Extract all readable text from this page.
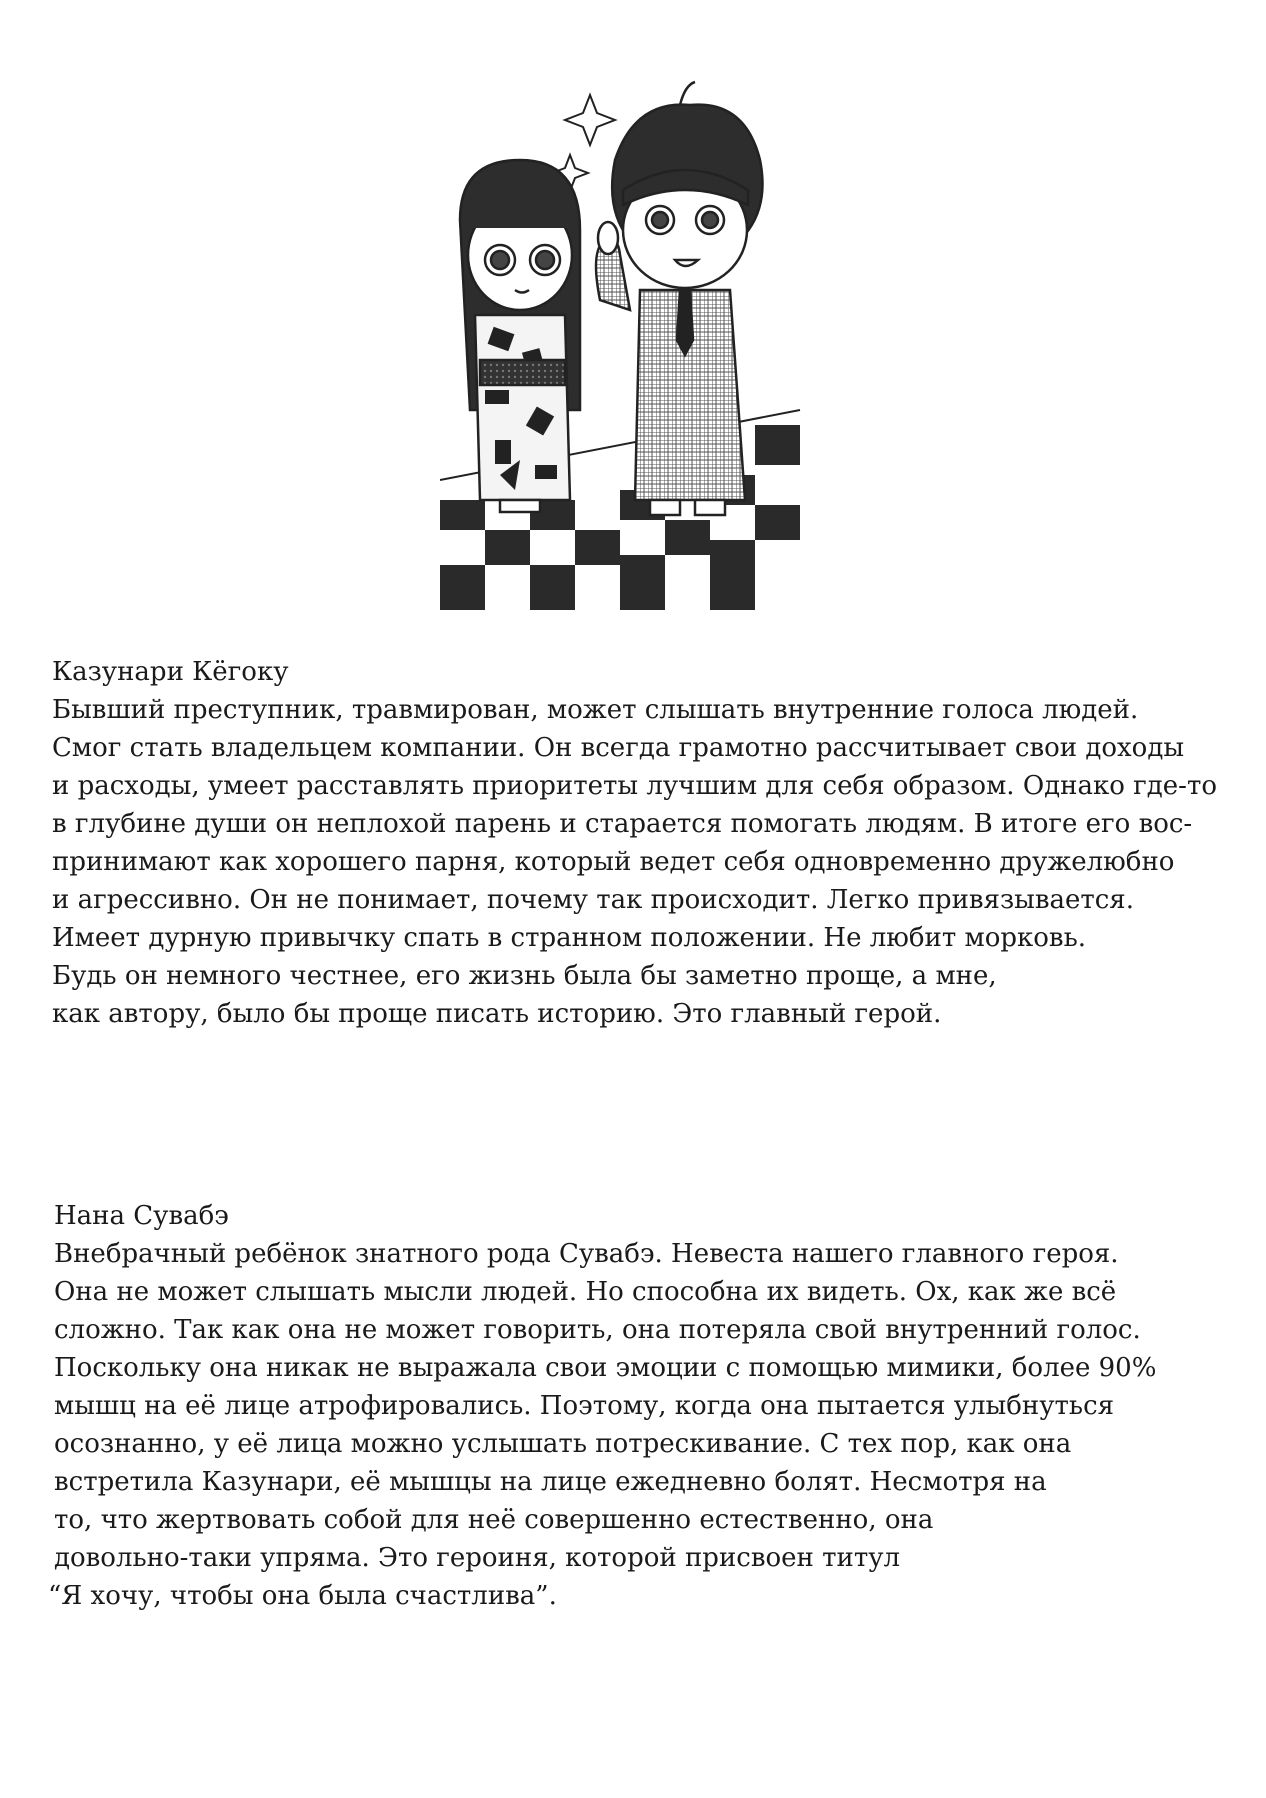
Казунари Кёгоку
Бывший преступник, травмирован, может слышать внутренние голоса людей.
Смог стать владельцем компании. Он всегда грамотно рассчитывает свои доходы
и расходы, умеет расставлять приоритеты лучшим для себя образом. Однако где-то
в глубине души он неплохой парень и старается помогать людям. В итоге его вос-
принимают как хорошего парня, который ведет себя одновременно дружелюбно
и агрессивно. Он не понимает, почему так происходит. Легко привязывается.
Имеет дурную привычку спать в странном положении. Не любит морковь.
Будь он немного честнее, его жизнь была бы заметно проще, а мне,
как автору, было бы проще писать историю. Это главный герой.
Нана Сувабэ
Внебрачный ребёнок знатного рода Сувабэ. Невеста нашего главного героя.
Она не может слышать мысли людей. Но способна их видеть. Ох, как же всё
сложно. Так как она не может говорить, она потеряла свой внутренний голос.
Поскольку она никак не выражала свои эмоции с помощью мимики, более 90%
мышц на её лице атрофировались. Поэтому, когда она пытается улыбнуться
осознанно, у её лица можно услышать потрескивание. С тех пор, как она
встретила Казунари, её мышцы на лице ежедневно болят. Несмотря на
то, что жертвовать собой для неё совершенно естественно, она
довольно-таки упряма. Это героиня, которой присвоен титул
“Я хочу, чтобы она была счастлива”.
